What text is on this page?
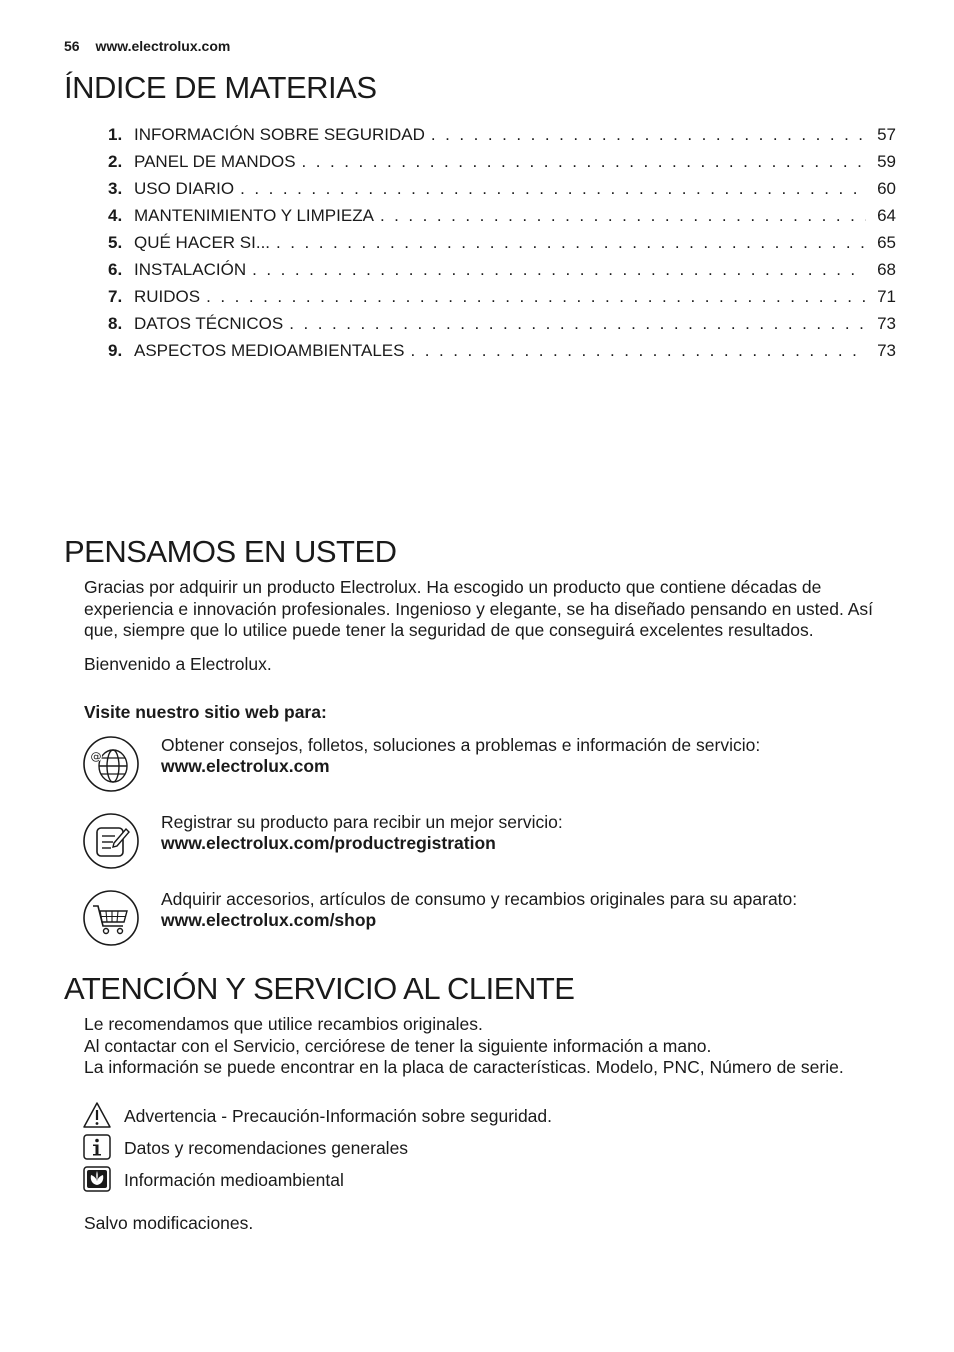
56 www.electrolux.com
ÍNDICE DE MATERIAS
1. INFORMACIÓN SOBRE SEGURIDAD . . .	57
2. PANEL DE MANDOS . . .	59
3. USO DIARIO . . .	60
4. MANTENIMIENTO Y LIMPIEZA . . .	64
5. QUÉ HACER SI... . . .	65
6. INSTALACIÓN . . .	68
7. RUIDOS . . .	71
8. DATOS TÉCNICOS . . .	73
9. ASPECTOS MEDIOAMBIENTALES . . .	73
PENSAMOS EN USTED
Gracias por adquirir un producto Electrolux. Ha escogido un producto que contiene décadas de experiencia e innovación profesionales. Ingenioso y elegante, se ha diseñado pensando en usted. Así que, siempre que lo utilice puede tener la seguridad de que conseguirá excelentes resultados.
Bienvenido a Electrolux.
Visite nuestro sitio web para:
@
Obtener consejos, folletos, soluciones a problemas e información de servicio:
www.electrolux.com
Registrar su producto para recibir un mejor servicio:
www.electrolux.com/productregistration
Adquirir accesorios, artículos de consumo y recambios originales para su aparato:
www.electrolux.com/shop
ATENCIÓN Y SERVICIO AL CLIENTE
Le recomendamos que utilice recambios originales.
Al contactar con el Servicio, cerciórese de tener la siguiente información a mano.
La información se puede encontrar en la placa de características. Modelo, PNC, Número de serie.
Advertencia - Precaución-Información sobre seguridad.
Datos y recomendaciones generales
Información medioambiental
Salvo modificaciones.
